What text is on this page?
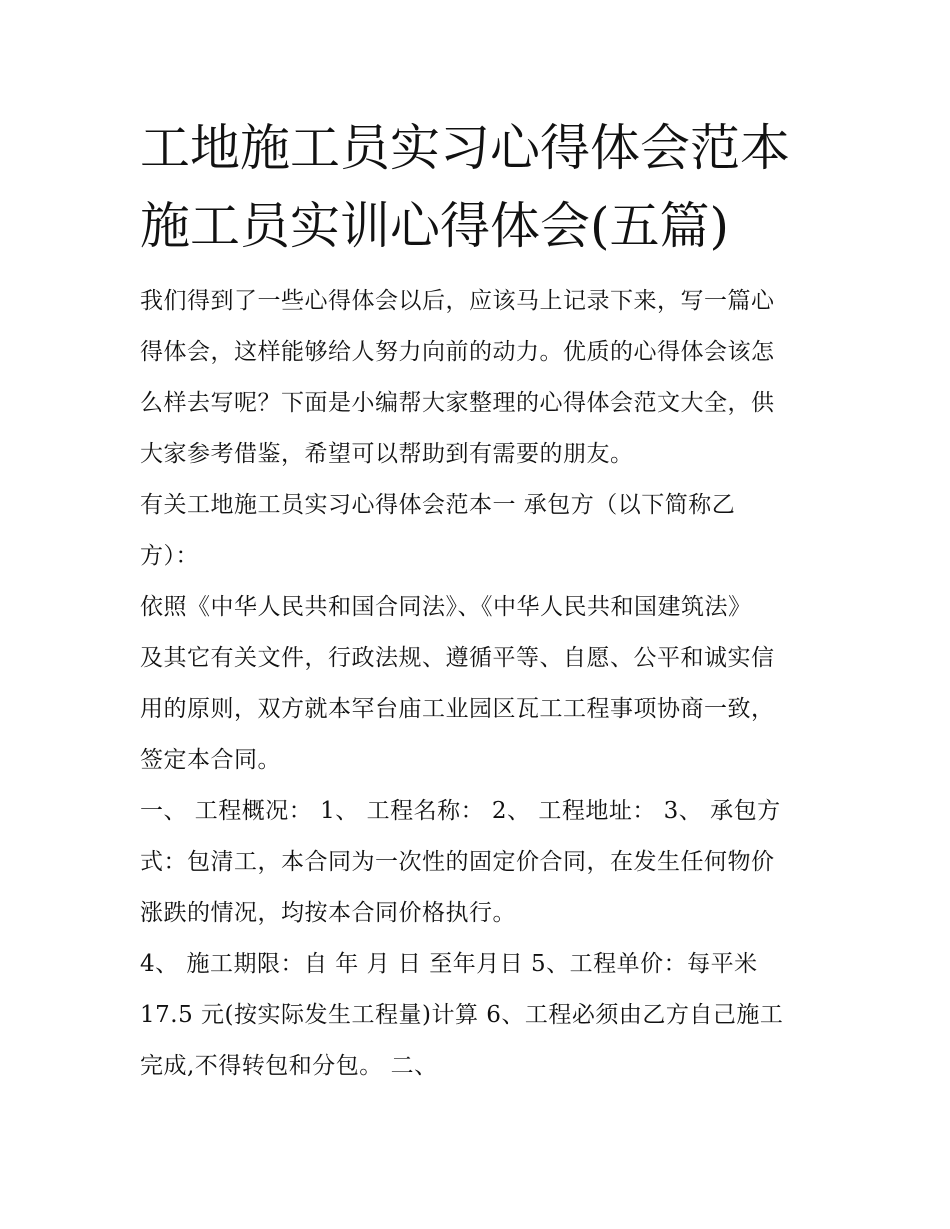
工地施工员实习心得体会范本
施工员实训心得体会(五篇)

我们得到了一些心得体会以后，应该马上记录下来，写一篇心
得体会，这样能够给人努力向前的动力。优质的心得体会该怎
么样去写呢？下面是小编帮大家整理的心得体会范文大全，供
大家参考借鉴，希望可以帮助到有需要的朋友。

有关工地施工员实习心得体会范本一 承包方（以下简称乙
方）：

依照《中华人民共和国合同法》、《中华人民共和国建筑法》
及其它有关文件，行政法规、遵循平等、自愿、公平和诚实信
用的原则，双方就本罕台庙工业园区瓦工工程事项协商一致，
签定本合同。

一、 工程概况： 1、 工程名称： 2、 工程地址： 3、 承包方
式：包清工，本合同为一次性的固定价合同，在发生任何物价
涨跌的情况，均按本合同价格执行。

4、 施工期限：自 年 月 日 至年月日 5、工程单价：每平米
17.5 元(按实际发生工程量)计算 6、工程必须由乙方自己施工
完成,不得转包和分包。 二、
